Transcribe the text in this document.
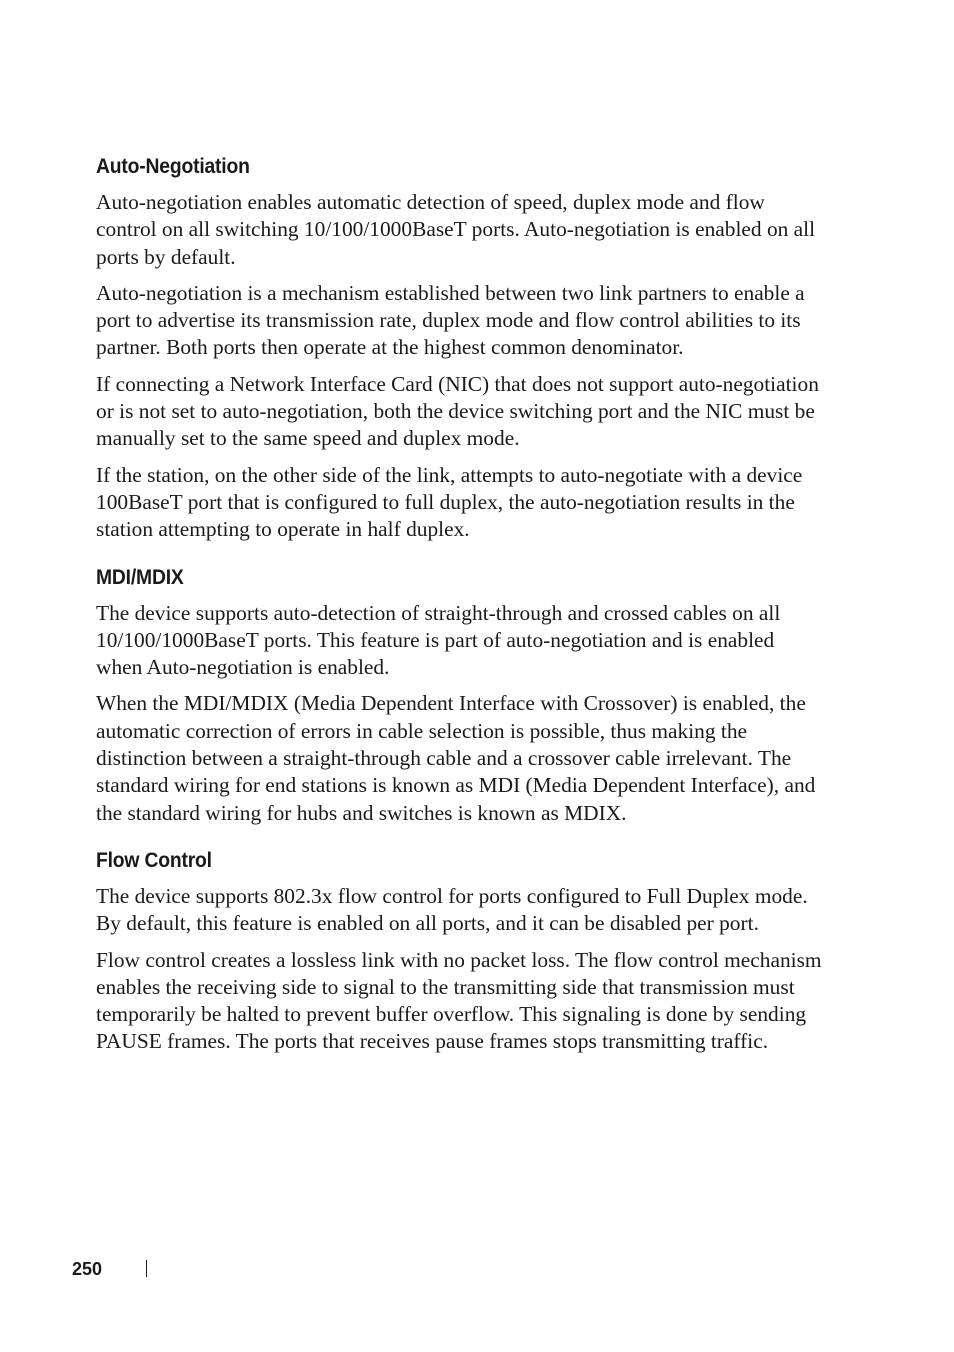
Auto-Negotiation

Auto-negotiation enables automatic detection of speed, duplex mode and flow control on all switching 10/100/1000BaseT ports. Auto-negotiation is enabled on all ports by default.

Auto-negotiation is a mechanism established between two link partners to enable a port to advertise its transmission rate, duplex mode and flow control abilities to its partner. Both ports then operate at the highest common denominator.

If connecting a Network Interface Card (NIC) that does not support auto-negotiation or is not set to auto-negotiation, both the device switching port and the NIC must be manually set to the same speed and duplex mode.

If the station, on the other side of the link, attempts to auto-negotiate with a device 100BaseT port that is configured to full duplex, the auto-negotiation results in the station attempting to operate in half duplex.

MDI/MDIX

The device supports auto-detection of straight-through and crossed cables on all 10/100/1000BaseT ports. This feature is part of auto-negotiation and is enabled when Auto-negotiation is enabled.

When the MDI/MDIX (Media Dependent Interface with Crossover) is enabled, the automatic correction of errors in cable selection is possible, thus making the distinction between a straight-through cable and a crossover cable irrelevant. The standard wiring for end stations is known as MDI (Media Dependent Interface), and the standard wiring for hubs and switches is known as MDIX.

Flow Control

The device supports 802.3x flow control for ports configured to Full Duplex mode. By default, this feature is enabled on all ports, and it can be disabled per port.

Flow control creates a lossless link with no packet loss. The flow control mechanism enables the receiving side to signal to the transmitting side that transmission must temporarily be halted to prevent buffer overflow. This signaling is done by sending PAUSE frames. The ports that receives pause frames stops transmitting traffic.

250
